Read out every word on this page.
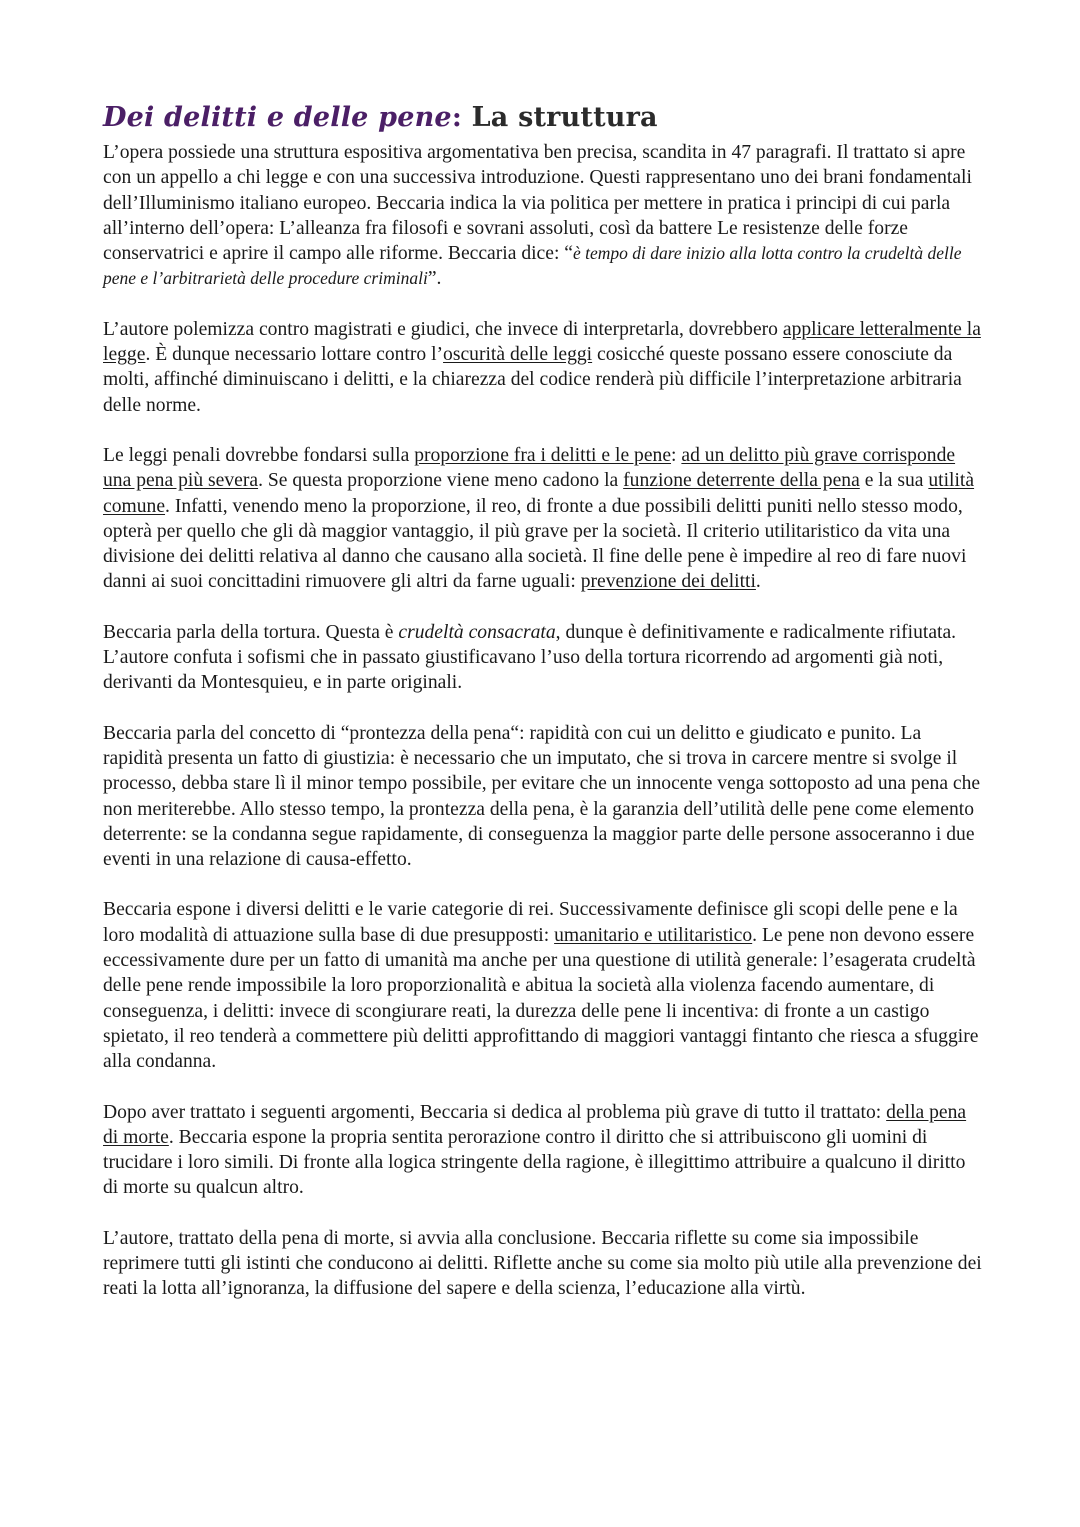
Dei delitti e delle pene: La struttura

L’opera possiede una struttura espositiva argomentativa ben precisa, scandita in 47 paragrafi. Il trattato si apre con un appello a chi legge e con una successiva introduzione. Questi rappresentano uno dei brani fondamentali dell’Illuminismo italiano europeo. Beccaria indica la via politica per mettere in pratica i principi di cui parla all’interno dell’opera: L’alleanza fra filosofi e sovrani assoluti, così da battere Le resistenze delle forze conservatrici e aprire il campo alle riforme. Beccaria dice: “è tempo di dare inizio alla lotta contro la crudeltà delle pene e l’arbitrarietà delle procedure criminali”.

L’autore polemizza contro magistrati e giudici, che invece di interpretarla, dovrebbero applicare letteralmente la legge. È dunque necessario lottare contro l’oscurità delle leggi cosicché queste possano essere conosciute da molti, affinché diminuiscano i delitti, e la chiarezza del codice renderà più difficile l’interpretazione arbitraria delle norme.

Le leggi penali dovrebbe fondarsi sulla proporzione fra i delitti e le pene: ad un delitto più grave corrisponde una pena più severa. Se questa proporzione viene meno cadono la funzione deterrente della pena e la sua utilità comune. Infatti, venendo meno la proporzione, il reo, di fronte a due possibili delitti puniti nello stesso modo, opterà per quello che gli dà maggior vantaggio, il più grave per la società. Il criterio utilitaristico da vita una divisione dei delitti relativa al danno che causano alla società. Il fine delle pene è impedire al reo di fare nuovi danni ai suoi concittadini rimuovere gli altri da farne uguali: prevenzione dei delitti.

Beccaria parla della tortura. Questa è crudeltà consacrata, dunque è definitivamente e radicalmente rifiutata. L’autore confuta i sofismi che in passato giustificavano l’uso della tortura ricorrendo ad argomenti già noti, derivanti da Montesquieu, e in parte originali.

Beccaria parla del concetto di “prontezza della pena“: rapidità con cui un delitto e giudicato e punito. La rapidità presenta un fatto di giustizia: è necessario che un imputato, che si trova in carcere mentre si svolge il processo, debba stare lì il minor tempo possibile, per evitare che un innocente venga sottoposto ad una pena che non meriterebbe. Allo stesso tempo, la prontezza della pena, è la garanzia dell’utilità delle pene come elemento deterrente: se la condanna segue rapidamente, di conseguenza la maggior parte delle persone assoceranno i due eventi in una relazione di causa-effetto.

Beccaria espone i diversi delitti e le varie categorie di rei. Successivamente definisce gli scopi delle pene e la loro modalità di attuazione sulla base di due presupposti: umanitario e utilitaristico. Le pene non devono essere eccessivamente dure per un fatto di umanità ma anche per una questione di utilità generale: l’esagerata crudeltà delle pene rende impossibile la loro proporzionalità e abitua la società alla violenza facendo aumentare, di conseguenza, i delitti: invece di scongiurare reati, la durezza delle pene li incentiva: di fronte a un castigo spietato, il reo tenderà a commettere più delitti approfittando di maggiori vantaggi fintanto che riesca a sfuggire alla condanna.

Dopo aver trattato i seguenti argomenti, Beccaria si dedica al problema più grave di tutto il trattato: della pena di morte. Beccaria espone la propria sentita perorazione contro il diritto che si attribuiscono gli uomini di trucidare i loro simili. Di fronte alla logica stringente della ragione, è illegittimo attribuire a qualcuno il diritto di morte su qualcun altro.

L’autore, trattato della pena di morte, si avvia alla conclusione. Beccaria riflette su come sia impossibile reprimere tutti gli istinti che conducono ai delitti. Riflette anche su come sia molto più utile alla prevenzione dei reati la lotta all’ignoranza, la diffusione del sapere e della scienza, l’educazione alla virtù.
